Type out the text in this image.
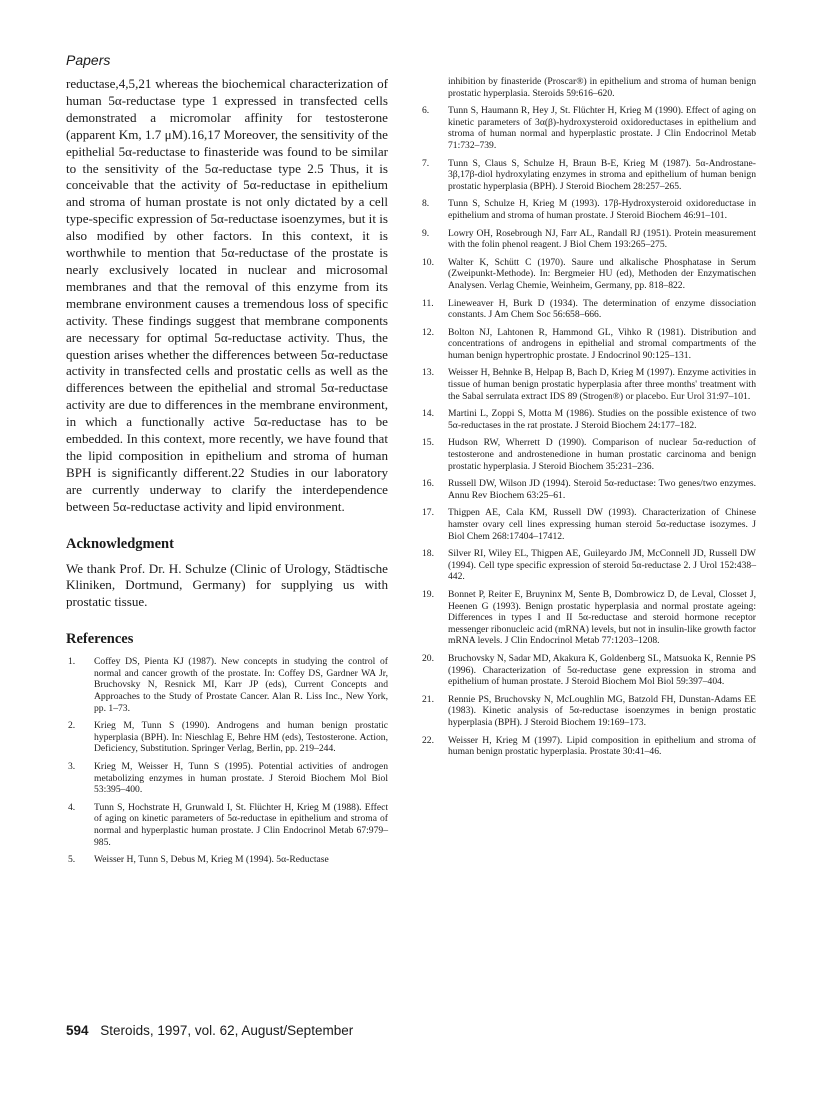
Papers

reductase,4,5,21 whereas the biochemical characterization of human 5α-reductase type 1 expressed in transfected cells demonstrated a micromolar affinity for testosterone (apparent Km, 1.7 μM).16,17 Moreover, the sensitivity of the epithelial 5α-reductase to finasteride was found to be similar to the sensitivity of the 5α-reductase type 2.5 Thus, it is conceivable that the activity of 5α-reductase in epithelium and stroma of human prostate is not only dictated by a cell type-specific expression of 5α-reductase isoenzymes, but it is also modified by other factors. In this context, it is worthwhile to mention that 5α-reductase of the prostate is nearly exclusively located in nuclear and microsomal membranes and that the removal of this enzyme from its membrane environment causes a tremendous loss of specific activity. These findings suggest that membrane components are necessary for optimal 5α-reductase activity. Thus, the question arises whether the differences between 5α-reductase activity in transfected cells and prostatic cells as well as the differences between the epithelial and stromal 5α-reductase activity are due to differences in the membrane environment, in which a functionally active 5α-reductase has to be embedded. In this context, more recently, we have found that the lipid composition in epithelium and stroma of human BPH is significantly different.22 Studies in our laboratory are currently underway to clarify the interdependence between 5α-reductase activity and lipid environment.

Acknowledgment

We thank Prof. Dr. H. Schulze (Clinic of Urology, Städtische Kliniken, Dortmund, Germany) for supplying us with prostatic tissue.

References
1.	Coffey DS, Pienta KJ (1987). New concepts in studying the control of normal and cancer growth of the prostate. In: Coffey DS, Gardner WA Jr, Bruchovsky N, Resnick MI, Karr JP (eds), Current Concepts and Approaches to the Study of Prostate Cancer. Alan R. Liss Inc., New York, pp. 1–73.
2.	Krieg M, Tunn S (1990). Androgens and human benign prostatic hyperplasia (BPH). In: Nieschlag E, Behre HM (eds), Testosterone. Action, Deficiency, Substitution. Springer Verlag, Berlin, pp. 219–244.
3.	Krieg M, Weisser H, Tunn S (1995). Potential activities of androgen metabolizing enzymes in human prostate. J Steroid Biochem Mol Biol 53:395–400.
4.	Tunn S, Hochstrate H, Grunwald I, St. Flüchter H, Krieg M (1988). Effect of aging on kinetic parameters of 5α-reductase in epithelium and stroma of normal and hyperplastic human prostate. J Clin Endocrinol Metab 67:979–985.
5.	Weisser H, Tunn S, Debus M, Krieg M (1994). 5α-Reductase
inhibition by finasteride (Proscar®) in epithelium and stroma of human benign prostatic hyperplasia. Steroids 59:616–620.
6.	Tunn S, Haumann R, Hey J, St. Flüchter H, Krieg M (1990). Effect of aging on kinetic parameters of 3α(β)-hydroxysteroid oxidoreductases in epithelium and stroma of human normal and hyperplastic prostate. J Clin Endocrinol Metab 71:732–739.
7.	Tunn S, Claus S, Schulze H, Braun B-E, Krieg M (1987). 5α-Androstane-3β,17β-diol hydroxylating enzymes in stroma and epithelium of human benign prostatic hyperplasia (BPH). J Steroid Biochem 28:257–265.
8.	Tunn S, Schulze H, Krieg M (1993). 17β-Hydroxysteroid oxidoreductase in epithelium and stroma of human prostate. J Steroid Biochem 46:91–101.
9.	Lowry OH, Rosebrough NJ, Farr AL, Randall RJ (1951). Protein measurement with the folin phenol reagent. J Biol Chem 193:265–275.
10.	Walter K, Schütt C (1970). Saure und alkalische Phosphatase in Serum (Zweipunkt-Methode). In: Bergmeier HU (ed), Methoden der Enzymatischen Analysen. Verlag Chemie, Weinheim, Germany, pp. 818–822.
11.	Lineweaver H, Burk D (1934). The determination of enzyme dissociation constants. J Am Chem Soc 56:658–666.
12.	Bolton NJ, Lahtonen R, Hammond GL, Vihko R (1981). Distribution and concentrations of androgens in epithelial and stromal compartments of the human benign hypertrophic prostate. J Endocrinol 90:125–131.
13.	Weisser H, Behnke B, Helpap B, Bach D, Krieg M (1997). Enzyme activities in tissue of human benign prostatic hyperplasia after three months' treatment with the Sabal serrulata extract IDS 89 (Strogen®) or placebo. Eur Urol 31:97–101.
14.	Martini L, Zoppi S, Motta M (1986). Studies on the possible existence of two 5α-reductases in the rat prostate. J Steroid Biochem 24:177–182.
15.	Hudson RW, Wherrett D (1990). Comparison of nuclear 5α-reduction of testosterone and androstenedione in human prostatic carcinoma and benign prostatic hyperplasia. J Steroid Biochem 35:231–236.
16.	Russell DW, Wilson JD (1994). Steroid 5α-reductase: Two genes/two enzymes. Annu Rev Biochem 63:25–61.
17.	Thigpen AE, Cala KM, Russell DW (1993). Characterization of Chinese hamster ovary cell lines expressing human steroid 5α-reductase isozymes. J Biol Chem 268:17404–17412.
18.	Silver RI, Wiley EL, Thigpen AE, Guileyardo JM, McConnell JD, Russell DW (1994). Cell type specific expression of steroid 5α-reductase 2. J Urol 152:438–442.
19.	Bonnet P, Reiter E, Bruyninx M, Sente B, Dombrowicz D, de Leval, Closset J, Heenen G (1993). Benign prostatic hyperplasia and normal prostate ageing: Differences in types I and II 5α-reductase and steroid hormone receptor messenger ribonucleic acid (mRNA) levels, but not in insulin-like growth factor mRNA levels. J Clin Endocrinol Metab 77:1203–1208.
20.	Bruchovsky N, Sadar MD, Akakura K, Goldenberg SL, Matsuoka K, Rennie PS (1996). Characterization of 5α-reductase gene expression in stroma and epithelium of human prostate. J Steroid Biochem Mol Biol 59:397–404.
21.	Rennie PS, Bruchovsky N, McLoughlin MG, Batzold FH, Dunstan-Adams EE (1983). Kinetic analysis of 5α-reductase isoenzymes in benign prostatic hyperplasia (BPH). J Steroid Biochem 19:169–173.
22.	Weisser H, Krieg M (1997). Lipid composition in epithelium and stroma of human benign prostatic hyperplasia. Prostate 30:41–46.
594 Steroids, 1997, vol. 62, August/September
